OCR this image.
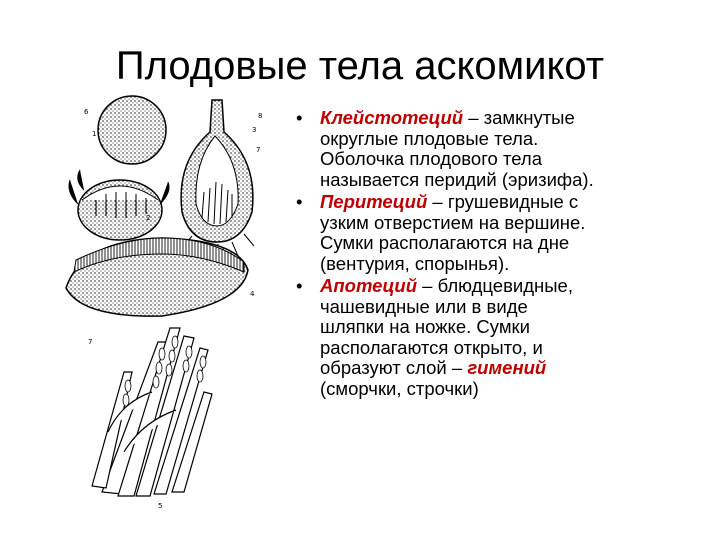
Плодовые тела аскомикот
6
1
8
3
7
2
4
7
5
• Клейстотеций – замкнутые
округлые плодовые тела.
Оболочка плодового тела
называется перидий (эризифа).
• Перитеций – грушевидные с
узким отверстием на вершине.
Сумки располагаются на дне
(вентурия, спорынья).
• Апотеций – блюдцевидные,
чашевидные или в виде
шляпки на ножке. Сумки
располагаются открыто, и
образуют слой – гимений
(сморчки, строчки)
